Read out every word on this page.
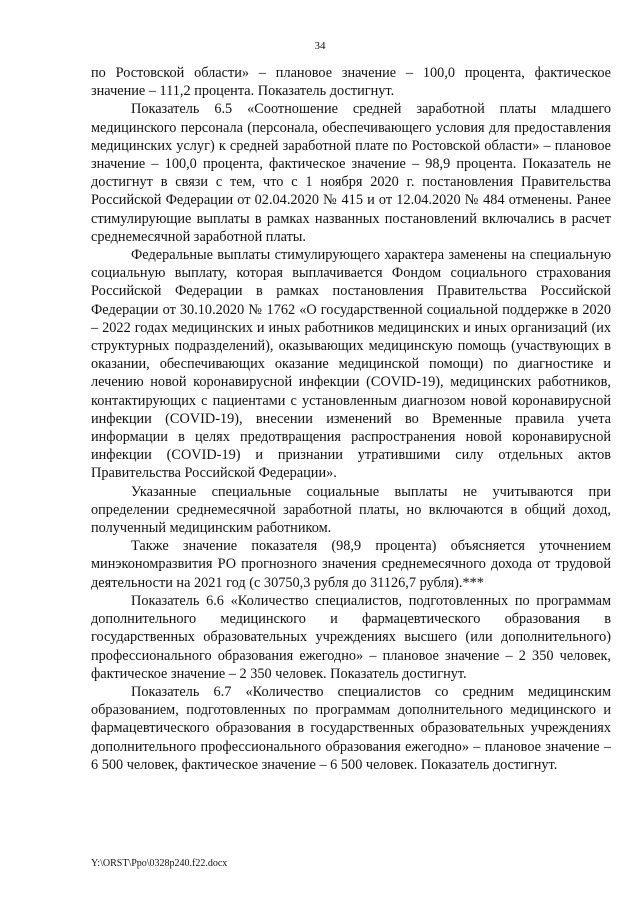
34

по Ростовской области» – плановое значение – 100,0 процента, фактическое значение – 111,2 процента. Показатель достигнут.

Показатель 6.5 «Соотношение средней заработной платы младшего медицинского персонала (персонала, обеспечивающего условия для предоставления медицинских услуг) к средней заработной плате по Ростовской области» – плановое значение – 100,0 процента, фактическое значение – 98,9 процента. Показатель не достигнут в связи с тем, что с 1 ноября 2020 г. постановления Правительства Российской Федерации от 02.04.2020 № 415 и от 12.04.2020 № 484 отменены. Ранее стимулирующие выплаты в рамках названных постановлений включались в расчет среднемесячной заработной платы.

Федеральные выплаты стимулирующего характера заменены на специальную социальную выплату, которая выплачивается Фондом социального страхования Российской Федерации в рамках постановления Правительства Российской Федерации от 30.10.2020 № 1762 «О государственной социальной поддержке в 2020 – 2022 годах медицинских и иных работников медицинских и иных организаций (их структурных подразделений), оказывающих медицинскую помощь (участвующих в оказании, обеспечивающих оказание медицинской помощи) по диагностике и лечению новой коронавирусной инфекции (COVID-19), медицинских работников, контактирующих с пациентами с установленным диагнозом новой коронавирусной инфекции (COVID-19), внесении изменений во Временные правила учета информации в целях предотвращения распространения новой коронавирусной инфекции (COVID-19) и признании утратившими силу отдельных актов Правительства Российской Федерации».

Указанные специальные социальные выплаты не учитываются при определении среднемесячной заработной платы, но включаются в общий доход, полученный медицинским работником.

Также значение показателя (98,9 процента) объясняется уточнением минэкономразвития РО прогнозного значения среднемесячного дохода от трудовой деятельности на 2021 год (с 30750,3 рубля до 31126,7 рубля).***

Показатель 6.6 «Количество специалистов, подготовленных по программам дополнительного медицинского и фармацевтического образования в государственных образовательных учреждениях высшего (или дополнительного) профессионального образования ежегодно» – плановое значение – 2 350 человек, фактическое значение – 2 350 человек. Показатель достигнут.

Показатель 6.7 «Количество специалистов со средним медицинским образованием, подготовленных по программам дополнительного медицинского и фармацевтического образования в государственных образовательных учреждениях дополнительного профессионального образования ежегодно» – плановое значение – 6 500 человек, фактическое значение – 6 500 человек. Показатель достигнут.

Y:\ORST\Ppo\0328p240.f22.docx
